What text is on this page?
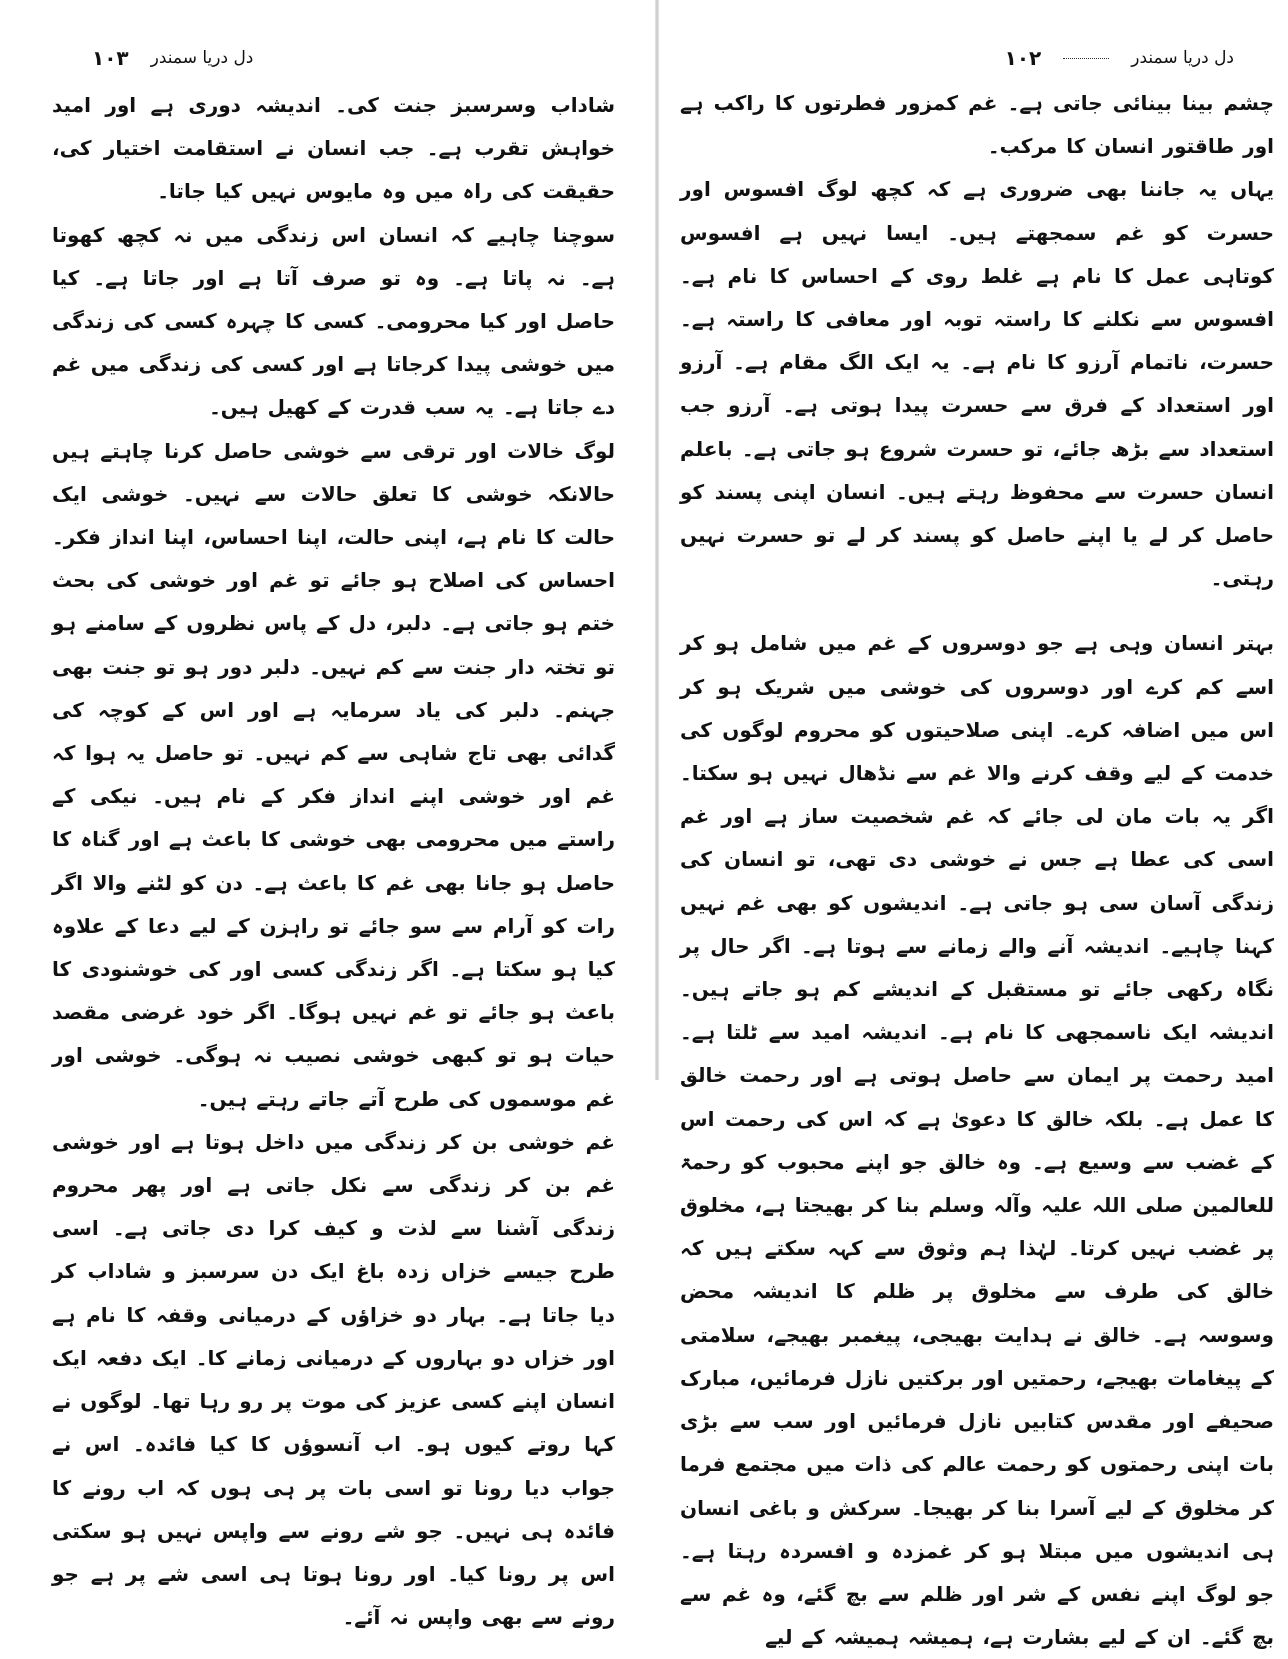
دل دریا سمندر
۱۰۳

شاداب وسرسبز جنت کی۔ اندیشہ دوری ہے اور امید خواہش تقرب ہے۔ جب انسان نے استقامت اختیار کی، حقیقت کی راہ میں وہ مایوس نہیں کیا جاتا۔

سوچنا چاہیے کہ انسان اس زندگی میں نہ کچھ کھوتا ہے۔ نہ پاتا ہے۔ وہ تو صرف آتا ہے اور جاتا ہے۔ کیا حاصل اور کیا محرومی۔ کسی کا چہرہ کسی کی زندگی میں خوشی پیدا کرجاتا ہے اور کسی کی زندگی میں غم دے جاتا ہے۔ یہ سب قدرت کے کھیل ہیں۔

لوگ خالات اور ترقی سے خوشی حاصل کرنا چاہتے ہیں حالانکہ خوشی کا تعلق حالات سے نہیں۔ خوشی ایک حالت کا نام ہے، اپنی حالت، اپنا احساس، اپنا انداز فکر۔ احساس کی اصلاح ہو جائے تو غم اور خوشی کی بحث ختم ہو جاتی ہے۔ دلبر، دل کے پاس نظروں کے سامنے ہو تو تختہ دار جنت سے کم نہیں۔ دلبر دور ہو تو جنت بھی جہنم۔ دلبر کی یاد سرمایہ ہے اور اس کے کوچہ کی گدائی بھی تاج شاہی سے کم نہیں۔ تو حاصل یہ ہوا کہ غم اور خوشی اپنے انداز فکر کے نام ہیں۔ نیکی کے راستے میں محرومی بھی خوشی کا باعث ہے اور گناہ کا حاصل ہو جانا بھی غم کا باعث ہے۔ دن کو لٹنے والا اگر رات کو آرام سے سو جائے تو راہزن کے لیے دعا کے علاوہ کیا ہو سکتا ہے۔ اگر زندگی کسی اور کی خوشنودی کا باعث ہو جائے تو غم نہیں ہوگا۔ اگر خود غرضی مقصد حیات ہو تو کبھی خوشی نصیب نہ ہوگی۔ خوشی اور غم موسموں کی طرح آتے جاتے رہتے ہیں۔

غم خوشی بن کر زندگی میں داخل ہوتا ہے اور خوشی غم بن کر زندگی سے نکل جاتی ہے اور پھر محروم زندگی آشنا سے لذت و کیف کرا دی جاتی ہے۔ اسی طرح جیسے خزاں زدہ باغ ایک دن سرسبز و شاداب کر دیا جاتا ہے۔ بہار دو خزاؤں کے درمیانی وقفہ کا نام ہے اور خزاں دو بہاروں کے درمیانی زمانے کا۔ ایک دفعہ ایک انسان اپنے کسی عزیز کی موت پر رو رہا تھا۔ لوگوں نے کہا روتے کیوں ہو۔ اب آنسوؤں کا کیا فائدہ۔ اس نے جواب دیا رونا تو اسی بات پر ہی ہوں کہ اب رونے کا فائدہ ہی نہیں۔ جو شے رونے سے واپس نہیں ہو سکتی اس پر رونا کیا۔ اور رونا ہوتا ہی اسی شے پر ہے جو رونے سے بھی واپس نہ آئے۔

دل دریا سمندر
۱۰۲

چشم بینا بینائی جاتی ہے۔ غم کمزور فطرتوں کا راکب ہے اور طاقتور انسان کا مرکب۔

یہاں یہ جاننا بھی ضروری ہے کہ کچھ لوگ افسوس اور حسرت کو غم سمجھتے ہیں۔ ایسا نہیں ہے افسوس کوتاہی عمل کا نام ہے غلط روی کے احساس کا نام ہے۔ افسوس سے نکلنے کا راستہ توبہ اور معافی کا راستہ ہے۔ حسرت، ناتمام آرزو کا نام ہے۔ یہ ایک الگ مقام ہے۔ آرزو اور استعداد کے فرق سے حسرت پیدا ہوتی ہے۔ آرزو جب استعداد سے بڑھ جائے، تو حسرت شروع ہو جاتی ہے۔ باعلم انسان حسرت سے محفوظ رہتے ہیں۔ انسان اپنی پسند کو حاصل کر لے یا اپنے حاصل کو پسند کر لے تو حسرت نہیں رہتی۔

بہتر انسان وہی ہے جو دوسروں کے غم میں شامل ہو کر اسے کم کرے اور دوسروں کی خوشی میں شریک ہو کر اس میں اضافہ کرے۔ اپنی صلاحیتوں کو محروم لوگوں کی خدمت کے لیے وقف کرنے والا غم سے نڈھال نہیں ہو سکتا۔ اگر یہ بات مان لی جائے کہ غم شخصیت ساز ہے اور غم اسی کی عطا ہے جس نے خوشی دی تھی، تو انسان کی زندگی آسان سی ہو جاتی ہے۔ اندیشوں کو بھی غم نہیں کہنا چاہیے۔ اندیشہ آنے والے زمانے سے ہوتا ہے۔ اگر حال پر نگاہ رکھی جائے تو مستقبل کے اندیشے کم ہو جاتے ہیں۔ اندیشہ ایک ناسمجھی کا نام ہے۔ اندیشہ امید سے ٹلتا ہے۔ امید رحمت پر ایمان سے حاصل ہوتی ہے اور رحمت خالق کا عمل ہے۔ بلکہ خالق کا دعویٰ ہے کہ اس کی رحمت اس کے غضب سے وسیع ہے۔ وہ خالق جو اپنے محبوب کو رحمۃ للعالمین صلی اللہ علیہ وآلہ وسلم بنا کر بھیجتا ہے، مخلوق پر غضب نہیں کرتا۔ لہٰذا ہم وثوق سے کہہ سکتے ہیں کہ خالق کی طرف سے مخلوق پر ظلم کا اندیشہ محض وسوسہ ہے۔ خالق نے ہدایت بھیجی، پیغمبر بھیجے، سلامتی کے پیغامات بھیجے، رحمتیں اور برکتیں نازل فرمائیں، مبارک صحیفے اور مقدس کتابیں نازل فرمائیں اور سب سے بڑی بات اپنی رحمتوں کو رحمت عالم کی ذات میں مجتمع فرما کر مخلوق کے لیے آسرا بنا کر بھیجا۔ سرکش و باغی انسان ہی اندیشوں میں مبتلا ہو کر غمزدہ و افسردہ رہتا ہے۔ جو لوگ اپنے نفس کے شر اور ظلم سے بچ گئے، وہ غم سے بچ گئے۔ ان کے لیے بشارت ہے، ہمیشہ ہمیشہ کے لیے
